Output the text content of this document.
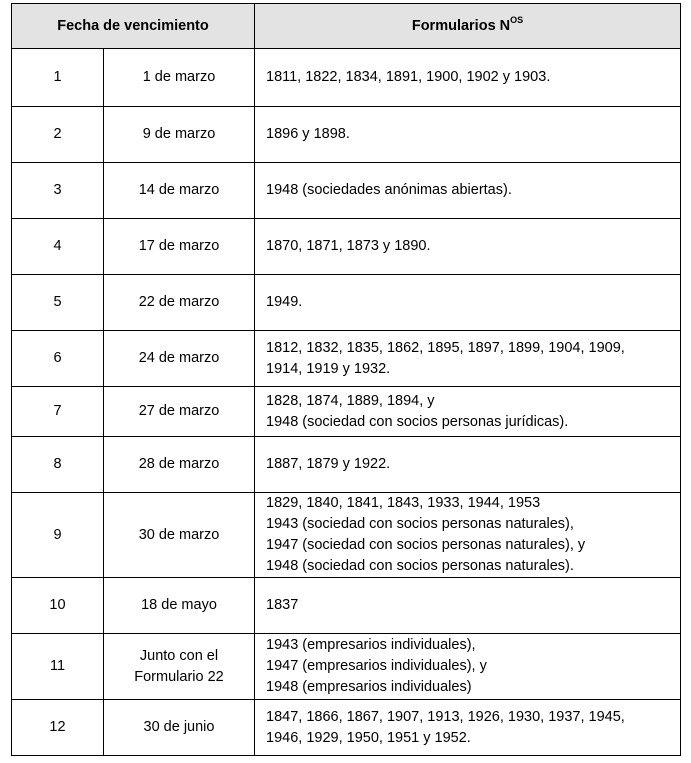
Fecha de vencimiento		Formularios $N^{OS}$
1	1 de marzo	1811, 1822, 1834, 1891, 1900, 1902 y 1903.

2	9 de marzo	1896 y 1898.

3	14 de marzo	1948 (sociedades anónimas abiertas).

4	17 de marzo	1870, 1871, 1873 y 1890.

5	22 de marzo	1949.

6	24 de marzo	1812, 1832, 1835, 1862, 1895, 1897, 1899, 1904, 1909,
1914, 1919 y 1932.

7	27 de marzo	1828, 1874, 1889, 1894, y
1948 (sociedad con socios personas jurídicas).

8	28 de marzo	1887, 1879 y 1922.

9	30 de marzo	1829, 1840, 1841, 1843, 1933, 1944, 1953
1943 (sociedad con socios personas naturales),
1947 (sociedad con socios personas naturales), y
1948 (sociedad con socios personas naturales).

10	18 de mayo	1837

11	Junto con el
Formulario 22	1943 (empresarios individuales),
1947 (empresarios individuales), y
1948 (empresarios individuales)

12	30 de junio	1847, 1866, 1867, 1907, 1913, 1926, 1930, 1937, 1945,
1946, 1929, 1950, 1951 y 1952.
